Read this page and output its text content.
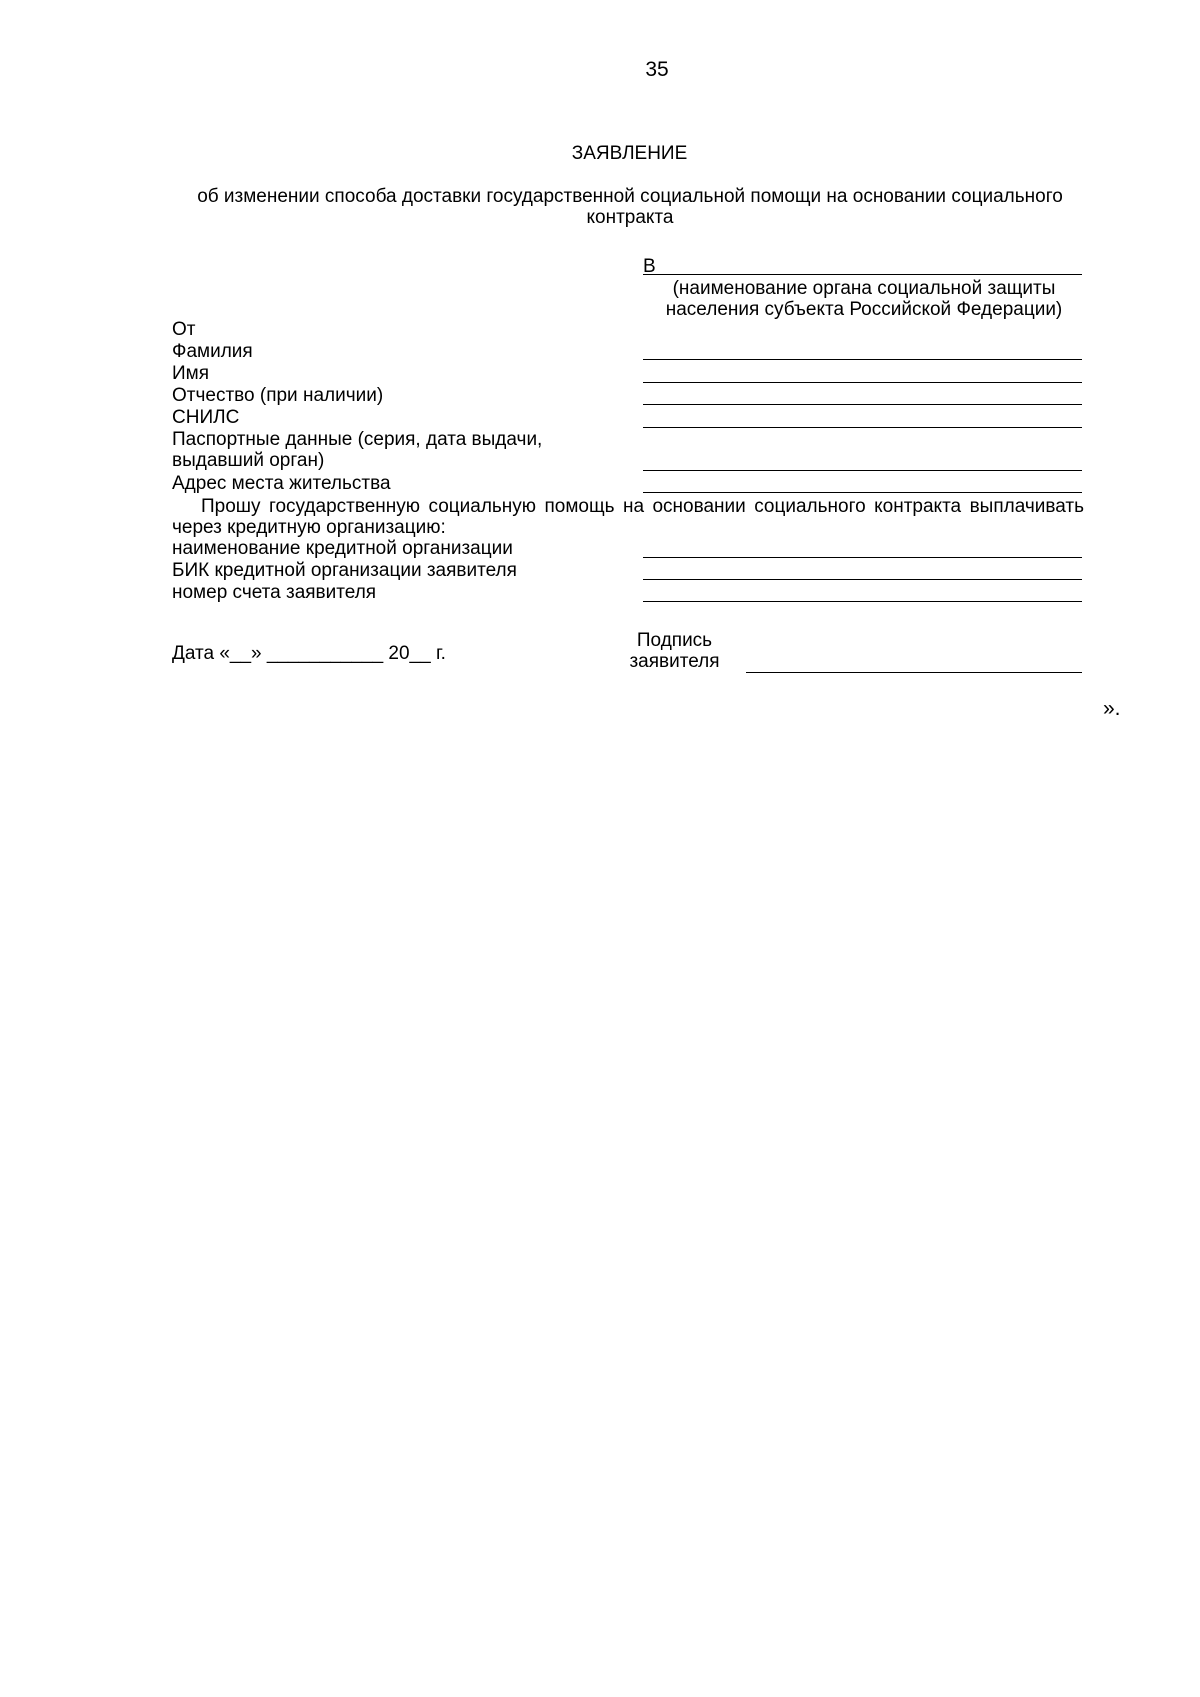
35
ЗАЯВЛЕНИЕ
об изменении способа доставки государственной социальной помощи на основании социального контракта
В
(наименование органа социальной защиты населения субъекта Российской Федерации)
От
Фамилия
Имя
Отчество (при наличии)
СНИЛС
Паспортные данные (серия, дата выдачи,
выдавший орган)
Адрес места жительства
Прошу государственную социальную помощь на основании социального контракта выплачивать через кредитную организацию:
наименование кредитной организации
БИК кредитной организации заявителя
номер счета заявителя
Дата «__» ___________ 20__ г.
Подпись заявителя
».
